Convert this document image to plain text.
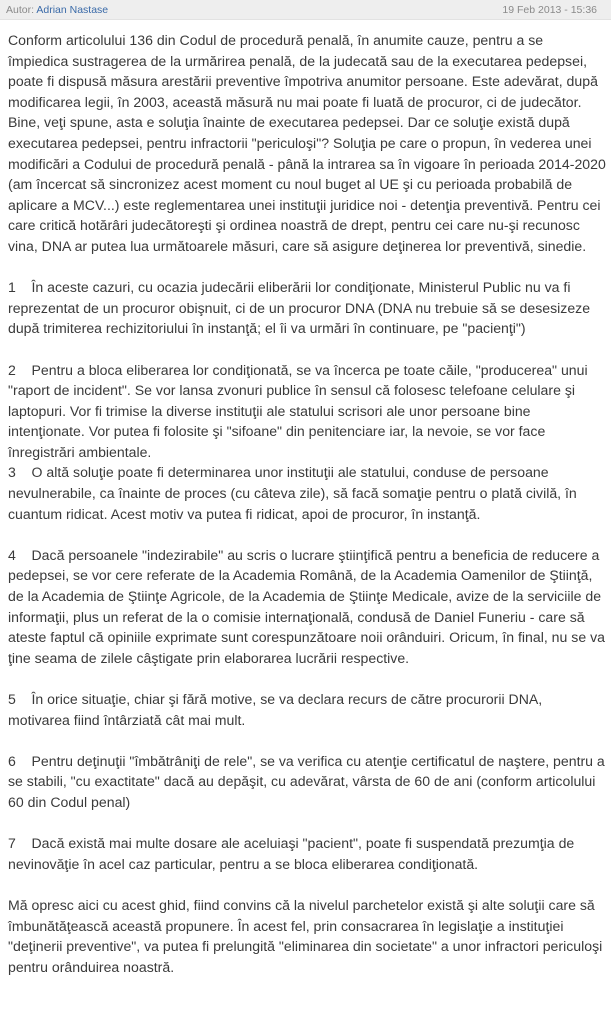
Autor: Adrian Nastase	19 Feb 2013 - 15:36

Conform articolului 136 din Codul de procedură penală, în anumite cauze, pentru a se împiedica sustragerea de la urmărirea penală, de la judecată sau de la executarea pedepsei, poate fi dispusă măsura arestării preventive împotriva anumitor persoane. Este adevărat, după modificarea legii, în 2003, această măsură nu mai poate fi luată de procuror, ci de judecător. Bine, veţi spune, asta e soluţia înainte de executarea pedepsei. Dar ce soluţie există după executarea pedepsei, pentru infractorii "periculoşi"? Soluţia pe care o propun, în vederea unei modificări a Codului de procedură penală - până la intrarea sa în vigoare în perioada 2014-2020 (am încercat să sincronizez acest moment cu noul buget al UE şi cu perioada probabilă de aplicare a MCV...) este reglementarea unei instituţii juridice noi - detenţia preventivă. Pentru cei care critică hotărâri judecătoreşti şi ordinea noastră de drept, pentru cei care nu-şi recunosc vina, DNA ar putea lua următoarele măsuri, care să asigure deţinerea lor preventivă, sinedie.

1    În aceste cazuri, cu ocazia judecării eliberării lor condiţionate, Ministerul Public nu va fi reprezentat de un procuror obişnuit, ci de un procuror DNA (DNA nu trebuie să se desesizeze după trimiterea rechizitoriului în instanţă; el îi va urmări în continuare, pe "pacienţi")

2    Pentru a bloca eliberarea lor condiţionată, se va încerca pe toate căile, "producerea" unui "raport de incident". Se vor lansa zvonuri publice în sensul că folosesc telefoane celulare şi laptopuri. Vor fi trimise la diverse instituţii ale statului scrisori ale unor persoane bine intenţionate. Vor putea fi folosite şi "sifoane" din penitenciare iar, la nevoie, se vor face înregistrări ambientale.

3    O altă soluţie poate fi determinarea unor instituţii ale statului, conduse de persoane nevulnerabile, ca înainte de proces (cu câteva zile), să facă somaţie pentru o plată civilă, în cuantum ridicat. Acest motiv va putea fi ridicat, apoi de procuror, în instanţă.

4    Dacă persoanele "indezirabile" au scris o lucrare ştiinţifică pentru a beneficia de reducere a pedepsei, se vor cere referate de la Academia Română, de la Academia Oamenilor de Ştiinţă, de la Academia de Ştiinţe Agricole, de la Academia de Ştiinţe Medicale, avize de la serviciile de informaţii, plus un referat de la o comisie internaţională, condusă de Daniel Funeriu - care să ateste faptul că opiniile exprimate sunt corespunzătoare noii orânduiri. Oricum, în final, nu se va ţine seama de zilele câştigate prin elaborarea lucrării respective.

5    În orice situaţie, chiar şi fără motive, se va declara recurs de către procurorii DNA, motivarea fiind întârziată cât mai mult.

6    Pentru deţinuţii "îmbătrâniţi de rele", se va verifica cu atenţie certificatul de naştere, pentru a se stabili, "cu exactitate" dacă au depăşit, cu adevărat, vârsta de 60 de ani (conform articolului 60 din Codul penal)

7    Dacă există mai multe dosare ale aceluiaşi "pacient", poate fi suspendată prezumţia de nevinovăţie în acel caz particular, pentru a se bloca eliberarea condiţionată.

Mă opresc aici cu acest ghid, fiind convins că la nivelul parchetelor există şi alte soluţii care să îmbunătăţească această propunere. În acest fel, prin consacrarea în legislaţie a instituţiei "deţinerii preventive", va putea fi prelungită "eliminarea din societate" a unor infractori periculoşi pentru orânduirea noastră.
